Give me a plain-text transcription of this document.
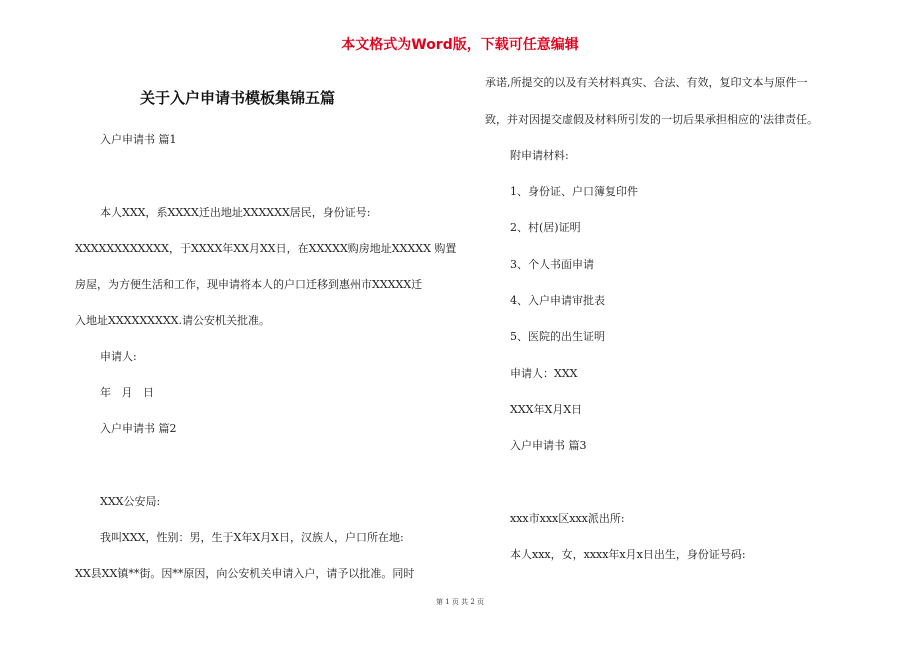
本文格式为Word版，下载可任意编辑
关于入户申请书模板集锦五篇
入户申请书 篇1
本人XXX，系XXXX迁出地址XXXXXX居民，身份证号:
XXXXXXXXXXXX，于XXXX年XX月XX日，在XXXXX购房地址XXXXX 购置
房屋，为方便生活和工作，现申请将本人的户口迁移到惠州市XXXXX迁
入地址XXXXXXXXX.请公安机关批准。
申请人:
年   月   日
入户申请书 篇2
XXX公安局:
我叫XXX，性别：男，生于X年X月X日，汉族人，户口所在地:
XX县XX镇**街。因**原因，向公安机关申请入户，请予以批准。同时
承诺,所提交的以及有关材料真实、合法、有效，复印文本与原件一
致，并对因提交虚假及材料所引发的一切后果承担相应的'法律责任。
附申请材料:
1、身份证、户口簿复印件
2、村(居)证明
3、个人书面申请
4、入户申请审批表
5、医院的出生证明
申请人：XXX
XXX年X月X日
入户申请书 篇3
xxx市xxx区xxx派出所:
本人xxx，女，xxxx年x月x日出生，身份证号码:
第 1 页 共 2 页
